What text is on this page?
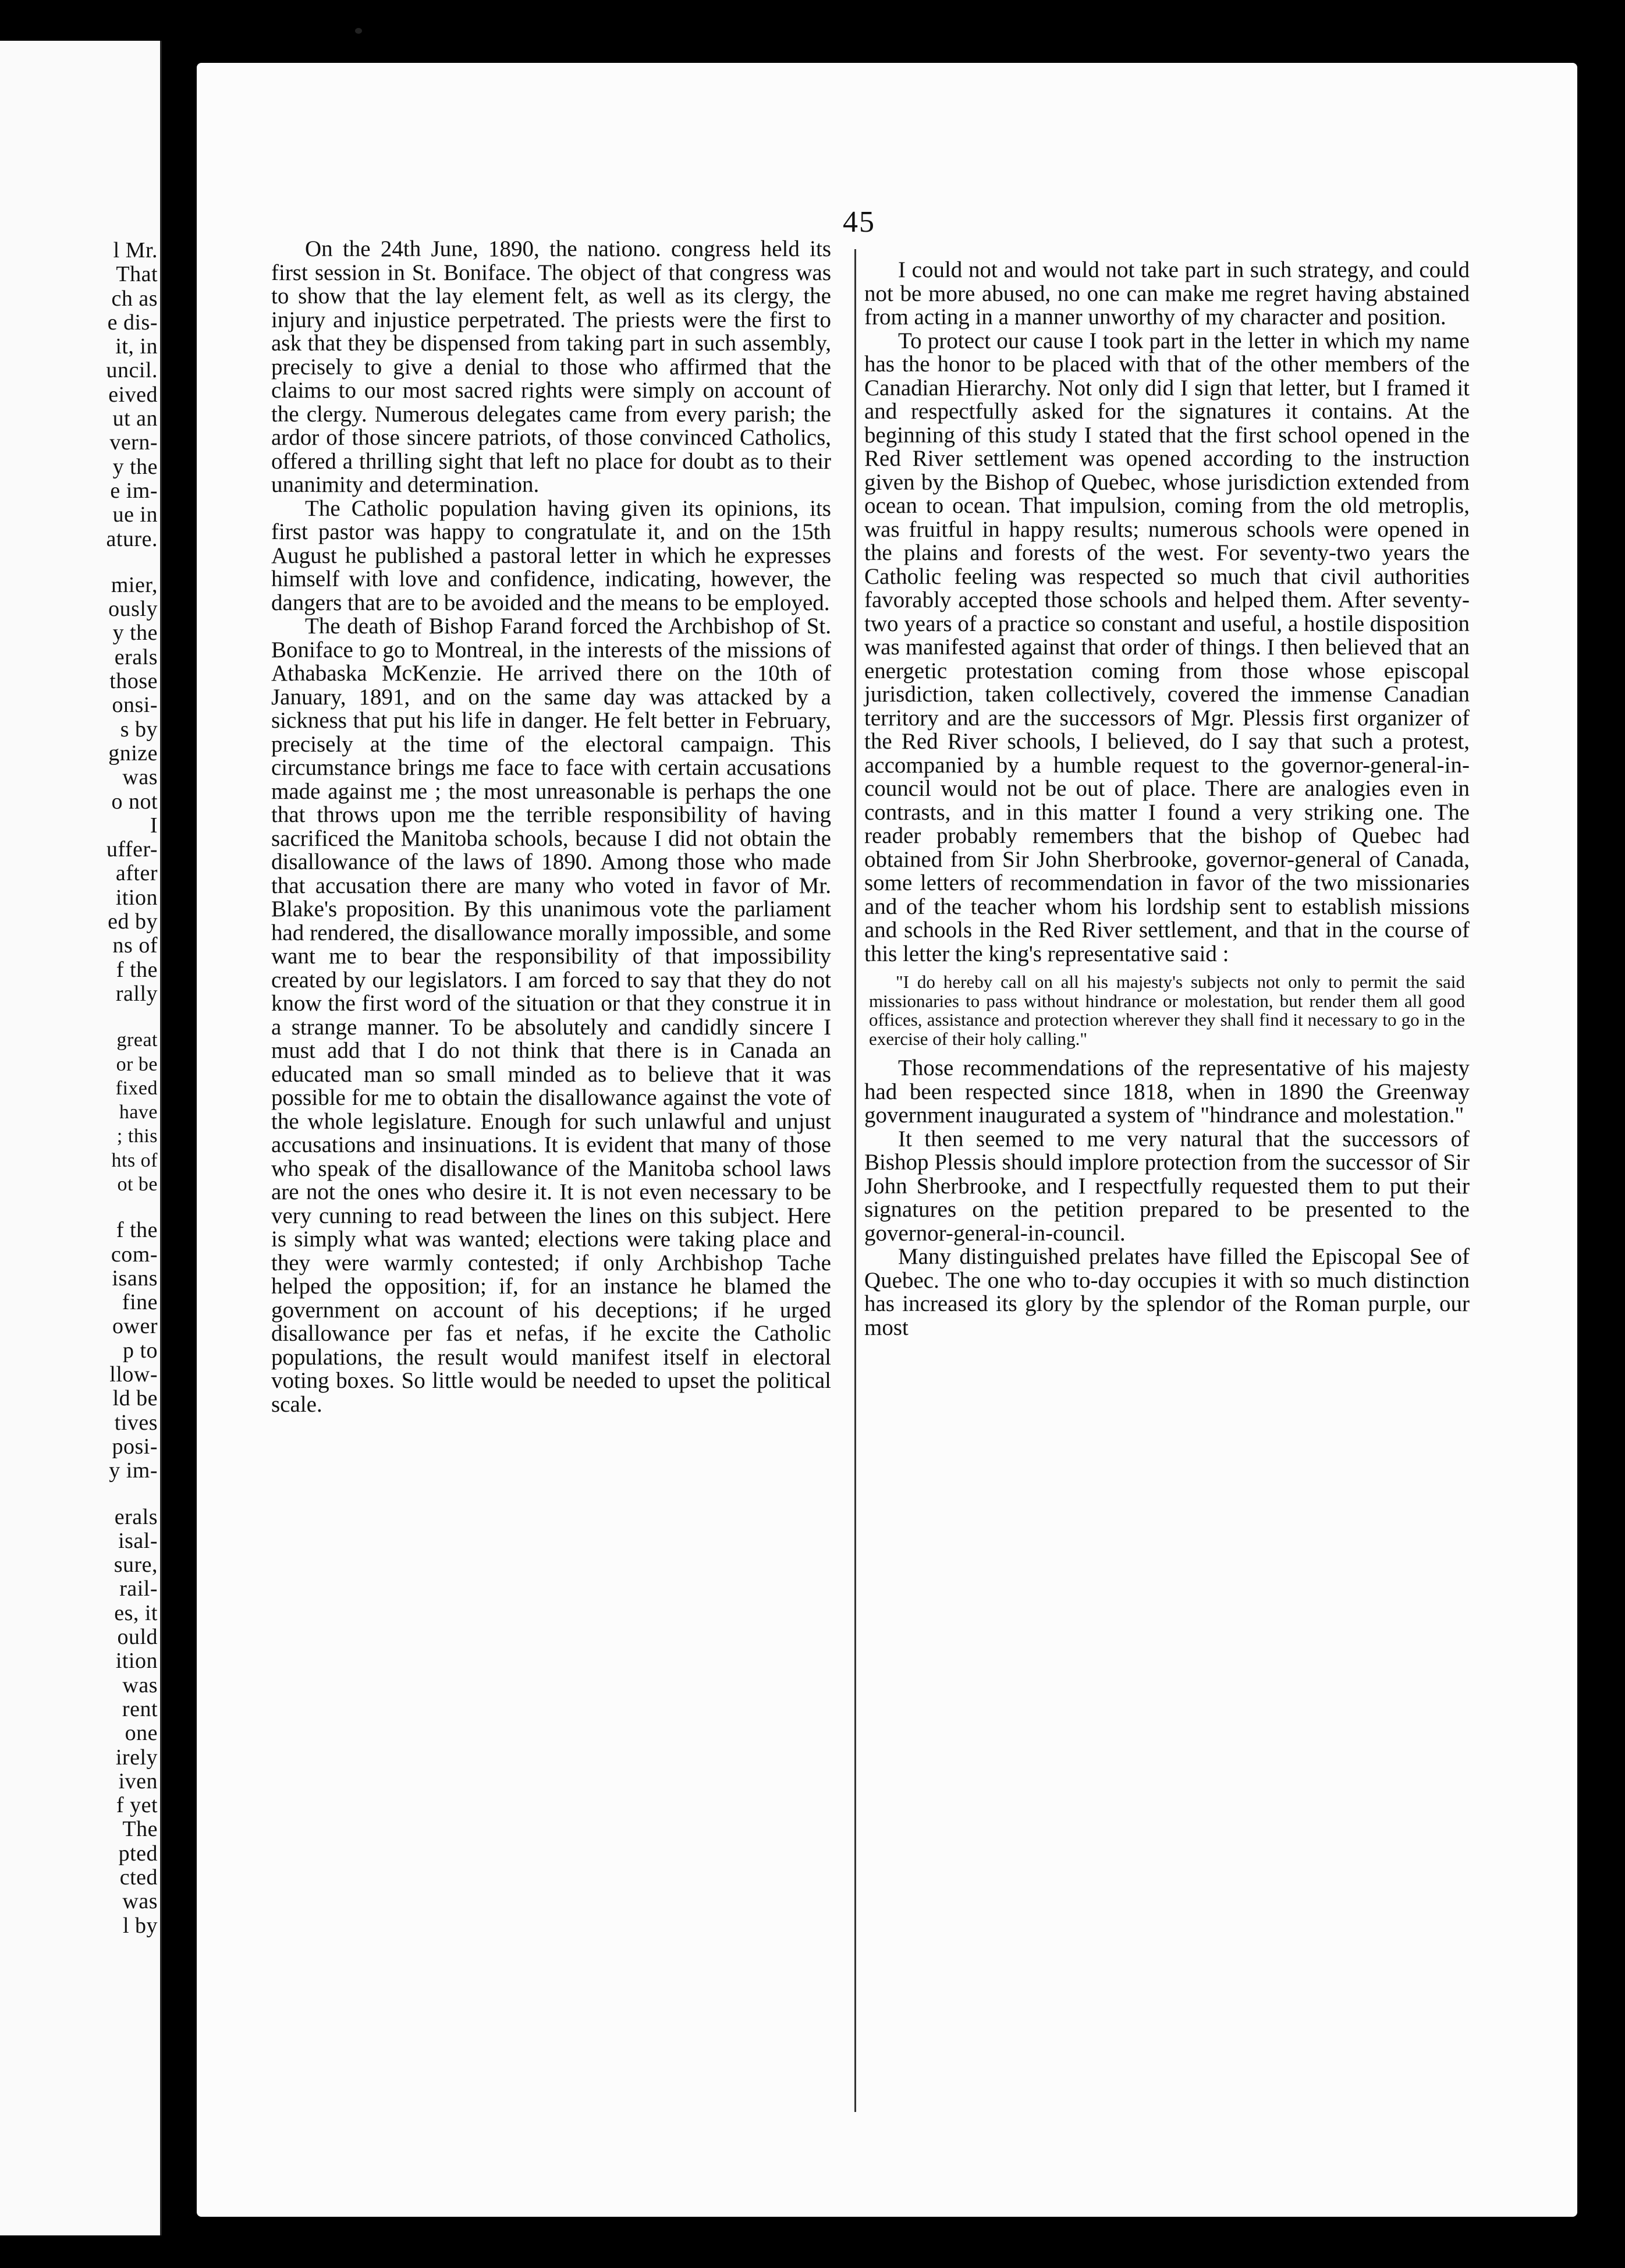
l Mr.
That
ch as
e dis-
it, in
uncil.
eived
ut an
vern-
y the
e im-
ue in
ature.
mier,
ously
y the
erals
those
onsi-
s by
gnize
was
o not
I
uffer-
after
ition
ed by
ns of
f the
rally
great
or be
fixed
have
; this
hts of
ot be
f the
com-
isans
fine
ower
p to
llow-
ld be
tives
posi-
y im-
erals
isal-
sure,
rail-
es, it
ould
ition
was
rent
one
irely
iven
f yet
The
pted
cted
was
l by
45

On the 24th June, 1890, the nationo. congress held its first session in St. Boniface. The object of that congress was to show that the lay element felt, as well as its clergy, the injury and injustice perpetrated. The priests were the first to ask that they be dispensed from taking part in such assembly, precisely to give a denial to those who affirmed that the claims to our most sacred rights were simply on account of the clergy. Numerous delegates came from every parish; the ardor of those sincere patriots, of those convinced Catholics, offered a thrilling sight that left no place for doubt as to their unanimity and determination.

The Catholic population having given its opinions, its first pastor was happy to congratulate it, and on the 15th August he published a pastoral letter in which he expresses himself with love and confidence, indicating, however, the dangers that are to be avoided and the means to be employed.

The death of Bishop Farand forced the Archbishop of St. Boniface to go to Montreal, in the interests of the missions of Athabaska McKenzie. He arrived there on the 10th of January, 1891, and on the same day was attacked by a sickness that put his life in danger. He felt better in February, precisely at the time of the electoral campaign. This circumstance brings me face to face with certain accusations made against me ; the most unreasonable is perhaps the one that throws upon me the terrible responsibility of having sacrificed the Manitoba schools, because I did not obtain the disallowance of the laws of 1890. Among those who made that accusation there are many who voted in favor of Mr. Blake's proposition. By this unanimous vote the parliament had rendered, the disallowance morally impossible, and some want me to bear the responsibility of that impossibility created by our legislators. I am forced to say that they do not know the first word of the situation or that they construe it in a strange manner. To be absolutely and candidly sincere I must add that I do not think that there is in Canada an educated man so small minded as to believe that it was possible for me to obtain the disallowance against the vote of the whole legislature. Enough for such unlawful and unjust accusations and insinuations. It is evident that many of those who speak of the disallowance of the Manitoba school laws are not the ones who desire it. It is not even necessary to be very cunning to read between the lines on this subject. Here is simply what was wanted; elections were taking place and they were warmly contested; if only Archbishop Tache helped the opposition; if, for an instance he blamed the government on account of his deceptions; if he urged disallowance per fas et nefas, if he excite the Catholic populations, the result would manifest itself in electoral voting boxes. So little would be needed to upset the political scale.

I could not and would not take part in such strategy, and could not be more abused, no one can make me regret having abstained from acting in a manner unworthy of my character and position.

To protect our cause I took part in the letter in which my name has the honor to be placed with that of the other members of the Canadian Hierarchy. Not only did I sign that letter, but I framed it and respectfully asked for the signatures it contains. At the beginning of this study I stated that the first school opened in the Red River settlement was opened according to the instruction given by the Bishop of Quebec, whose jurisdiction extended from ocean to ocean. That impulsion, coming from the old metroplis, was fruitful in happy results; numerous schools were opened in the plains and forests of the west. For seventy-two years the Catholic feeling was respected so much that civil authorities favorably accepted those schools and helped them. After seventy-two years of a practice so constant and useful, a hostile disposition was manifested against that order of things. I then believed that an energetic protestation coming from those whose episcopal jurisdiction, taken collectively, covered the immense Canadian territory and are the successors of Mgr. Plessis first organizer of the Red River schools, I believed, do I say that such a protest, accompanied by a humble request to the governor-general-in-council would not be out of place. There are analogies even in contrasts, and in this matter I found a very striking one. The reader probably remembers that the bishop of Quebec had obtained from Sir John Sherbrooke, governor-general of Canada, some letters of recommendation in favor of the two missionaries and of the teacher whom his lordship sent to establish missions and schools in the Red River settlement, and that in the course of this letter the king's representative said :

"I do hereby call on all his majesty's subjects not only to permit the said missionaries to pass without hindrance or molestation, but render them all good offices, assistance and protection wherever they shall find it necessary to go in the exercise of their holy calling."

Those recommendations of the representative of his majesty had been respected since 1818, when in 1890 the Greenway government inaugurated a system of "hindrance and molestation."

It then seemed to me very natural that the successors of Bishop Plessis should implore protection from the successor of Sir John Sherbrooke, and I respectfully requested them to put their signatures on the petition prepared to be presented to the governor-general-in-council.

Many distinguished prelates have filled the Episcopal See of Quebec. The one who to-day occupies it with so much distinction has increased its glory by the splendor of the Roman purple, our most
